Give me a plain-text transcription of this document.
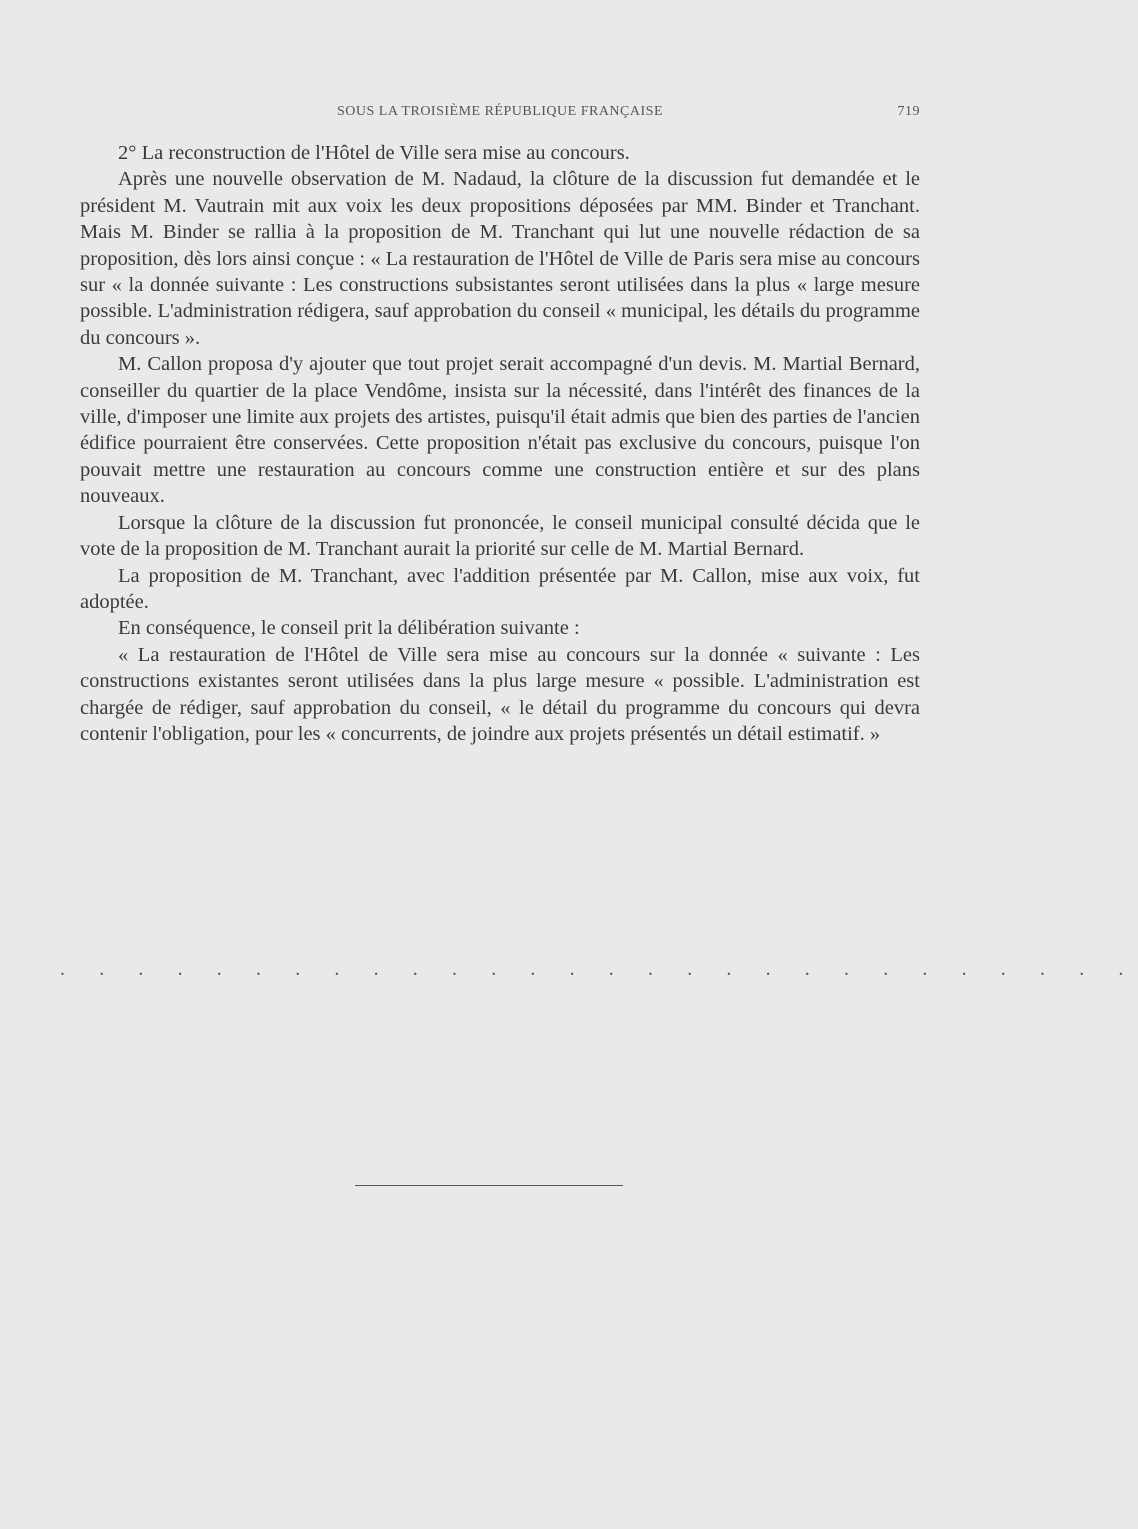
SOUS LA TROISIÈME RÉPUBLIQUE FRANÇAISE	719

2° La reconstruction de l'Hôtel de Ville sera mise au concours.

Après une nouvelle observation de M. Nadaud, la clôture de la discussion fut demandée et le président M. Vautrain mit aux voix les deux propositions déposées par MM. Binder et Tranchant. Mais M. Binder se rallia à la proposition de M. Tranchant qui lut une nouvelle rédaction de sa proposition, dès lors ainsi conçue : « La restauration de l'Hôtel de Ville de Paris sera mise au concours sur « la donnée suivante : Les constructions subsistantes seront utilisées dans la plus « large mesure possible. L'administration rédigera, sauf approbation du conseil « municipal, les détails du programme du concours ».

M. Callon proposa d'y ajouter que tout projet serait accompagné d'un devis. M. Martial Bernard, conseiller du quartier de la place Vendôme, insista sur la nécessité, dans l'intérêt des finances de la ville, d'imposer une limite aux projets des artistes, puisqu'il était admis que bien des parties de l'ancien édifice pourraient être conservées. Cette proposition n'était pas exclusive du concours, puisque l'on pouvait mettre une restauration au concours comme une construction entière et sur des plans nouveaux.

Lorsque la clôture de la discussion fut prononcée, le conseil municipal consulté décida que le vote de la proposition de M. Tranchant aurait la priorité sur celle de M. Martial Bernard.

La proposition de M. Tranchant, avec l'addition présentée par M. Callon, mise aux voix, fut adoptée.

En conséquence, le conseil prit la délibération suivante :

« La restauration de l'Hôtel de Ville sera mise au concours sur la donnée « suivante : Les constructions existantes seront utilisées dans la plus large mesure « possible. L'administration est chargée de rédiger, sauf approbation du conseil, « le détail du programme du concours qui devra contenir l'obligation, pour les « concurrents, de joindre aux projets présentés un détail estimatif. »

. . . . . . . . . . . . . . . . . . . . . . . . . . . .
